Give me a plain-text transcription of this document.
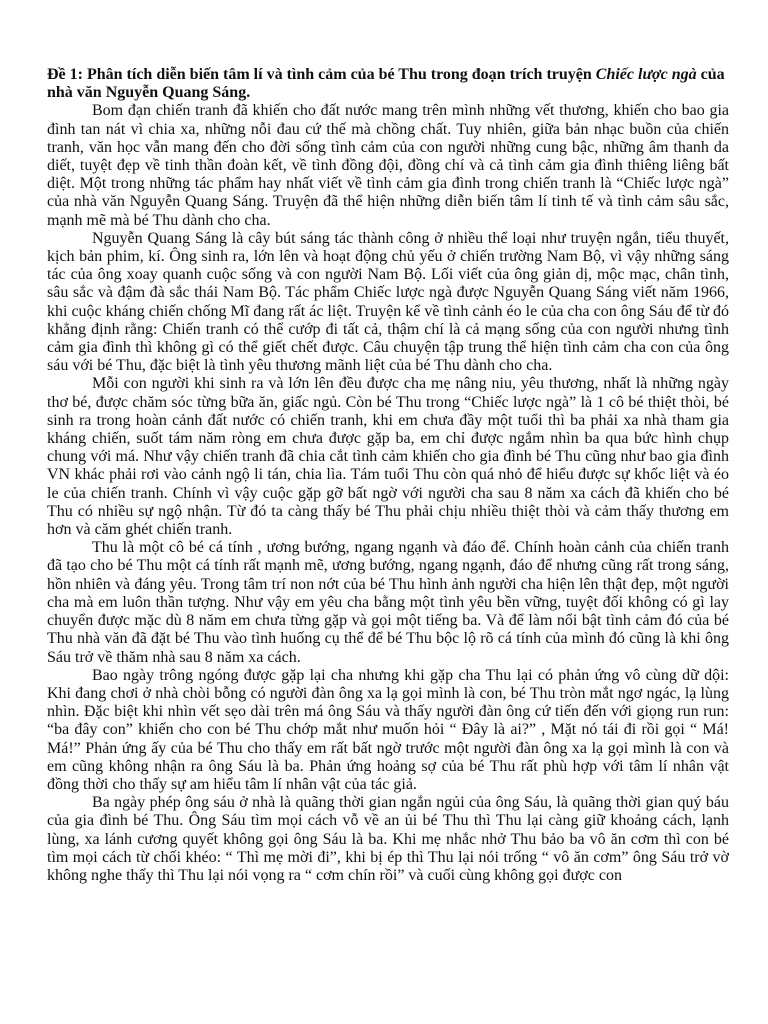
Đề 1: Phân tích diễn biến tâm lí và tình cảm của bé Thu trong đoạn trích truyện Chiếc lược ngà của nhà văn Nguyễn Quang Sáng.

Bom đạn chiến tranh đã khiến cho đất nước mang trên mình những vết thương, khiến cho bao gia đình tan nát vì chia xa, những nỗi đau cứ thế mà chồng chất. Tuy nhiên, giữa bản nhạc buồn của chiến tranh, văn học vẫn mang đến cho đời sống tình cảm của con người những cung bậc, những âm thanh da diết, tuyệt đẹp về tinh thần đoàn kết, về tình đồng đội, đồng chí và cả tình cảm gia đình thiêng liêng bất diệt. Một trong những tác phẩm hay nhất viết về tình cảm gia đình trong chiến tranh là “Chiếc lược ngà” của nhà văn Nguyễn Quang Sáng. Truyện đã thể hiện những diễn biến tâm lí tinh tế và tình cảm sâu sắc, mạnh mẽ mà bé Thu dành cho cha.

Nguyễn Quang Sáng là cây bút sáng tác thành công ở nhiều thể loại như truyện ngắn, tiểu thuyết, kịch bản phim, kí. Ông sinh ra, lớn lên và hoạt động chủ yếu ở chiến trường Nam Bộ, vì vậy những sáng tác của ông xoay quanh cuộc sống và con người Nam Bộ. Lối viết của ông giản dị, mộc mạc, chân tình, sâu sắc và đậm đà sắc thái Nam Bộ. Tác phẩm Chiếc lược ngà được Nguyễn Quang Sáng viết năm 1966, khi cuộc kháng chiến chống Mĩ đang rất ác liệt. Truyện kể về tình cảnh éo le của cha con ông Sáu để từ đó khẳng định rằng: Chiến tranh có thể cướp đi tất cả, thậm chí là cả mạng sống của con người nhưng tình cảm gia đình thì không gì có thể giết chết được. Câu chuyện tập trung thể hiện tình cảm cha con của ông sáu với bé Thu, đặc biệt là tình yêu thương mãnh liệt của bé Thu dành cho cha.

Mỗi con người khi sinh ra và lớn lên đều được cha mẹ nâng niu, yêu thương, nhất là những ngày thơ bé, được chăm sóc từng bữa ăn, giấc ngủ. Còn bé Thu trong “Chiếc lược ngà” là 1 cô bé thiệt thòi, bé sinh ra trong hoàn cảnh đất nước có chiến tranh, khi em chưa đầy một tuổi thì ba phải xa nhà tham gia kháng chiến, suốt tám năm ròng em chưa được gặp ba, em chỉ được ngắm nhìn ba qua bức hình chụp chung với má. Như vậy chiến tranh đã chia cắt tình cảm khiến cho gia đình bé Thu cũng như bao gia đình VN khác phải rơi vào cảnh ngộ li tán, chia lìa. Tám tuổi Thu còn quá nhỏ để hiểu được sự khốc liệt và éo le của chiến tranh. Chính vì vậy cuộc gặp gỡ bất ngờ với người cha sau 8 năm xa cách đã khiến cho bé Thu có nhiều sự ngộ nhận. Từ đó ta càng thấy bé Thu phải chịu nhiều thiệt thòi và cảm thấy thương em hơn và căm ghét chiến tranh.

Thu là một cô bé cá tính , ương bướng, ngang ngạnh và đáo để. Chính hoàn cảnh của chiến tranh đã tạo cho bé Thu một cá tính rất mạnh mẽ, ương bướng, ngang ngạnh, đáo để nhưng cũng rất trong sáng, hồn nhiên và đáng yêu. Trong tâm trí non nớt của bé Thu hình ảnh người cha hiện lên thật đẹp, một người cha mà em luôn thần tượng. Như vậy em yêu cha bằng một tình yêu bền vững, tuyệt đối không có gì lay chuyển được mặc dù 8 năm em chưa từng gặp và gọi một tiếng ba. Và để làm nổi bật tình cảm đó của bé Thu nhà văn đã đặt bé Thu vào tình huống cụ thể để bé Thu bộc lộ rõ cá tính của mình đó cũng là khi ông Sáu trở về thăm nhà sau 8 năm xa cách.

Bao ngày trông ngóng được gặp lại cha nhưng khi gặp cha Thu lại có phản ứng vô cùng dữ dội: Khi đang chơi ở nhà chòi bỗng có người đàn ông xa lạ gọi mình là con, bé Thu tròn mắt ngơ ngác, lạ lùng nhìn. Đặc biệt khi nhìn vết sẹo dài trên má ông Sáu và thấy người đàn ông cứ tiến đến với giọng run run: “ba đây con” khiến cho con bé Thu chớp mắt như muốn hỏi “ Đây là ai?” , Mặt nó tái đi rồi gọi “ Má! Má!” Phản ứng ấy của bé Thu cho thấy em rất bất ngờ trước một người đàn ông xa lạ gọi mình là con và em cũng không nhận ra ông Sáu là ba. Phản ứng hoảng sợ của bé Thu rất phù hợp với tâm lí nhân vật đồng thời cho thấy sự am hiểu tâm lí nhân vật của tác giả.

Ba ngày phép ông sáu ở nhà là quãng thời gian ngắn ngủi của ông Sáu, là quãng thời gian quý báu của gia đình bé Thu. Ông Sáu tìm mọi cách vỗ về an ủi bé Thu thì Thu lại càng giữ khoảng cách, lạnh lùng, xa lánh cương quyết không gọi ông Sáu là ba. Khi mẹ nhắc nhở Thu bảo ba vô ăn cơm thì con bé tìm mọi cách từ chối khéo: “ Thì mẹ mời đi”, khi bị ép thì Thu lại nói trống “ vô ăn cơm” ông Sáu trở vờ không nghe thấy thì Thu lại nói vọng ra “ cơm chín rồi” và cuối cùng không gọi được con
